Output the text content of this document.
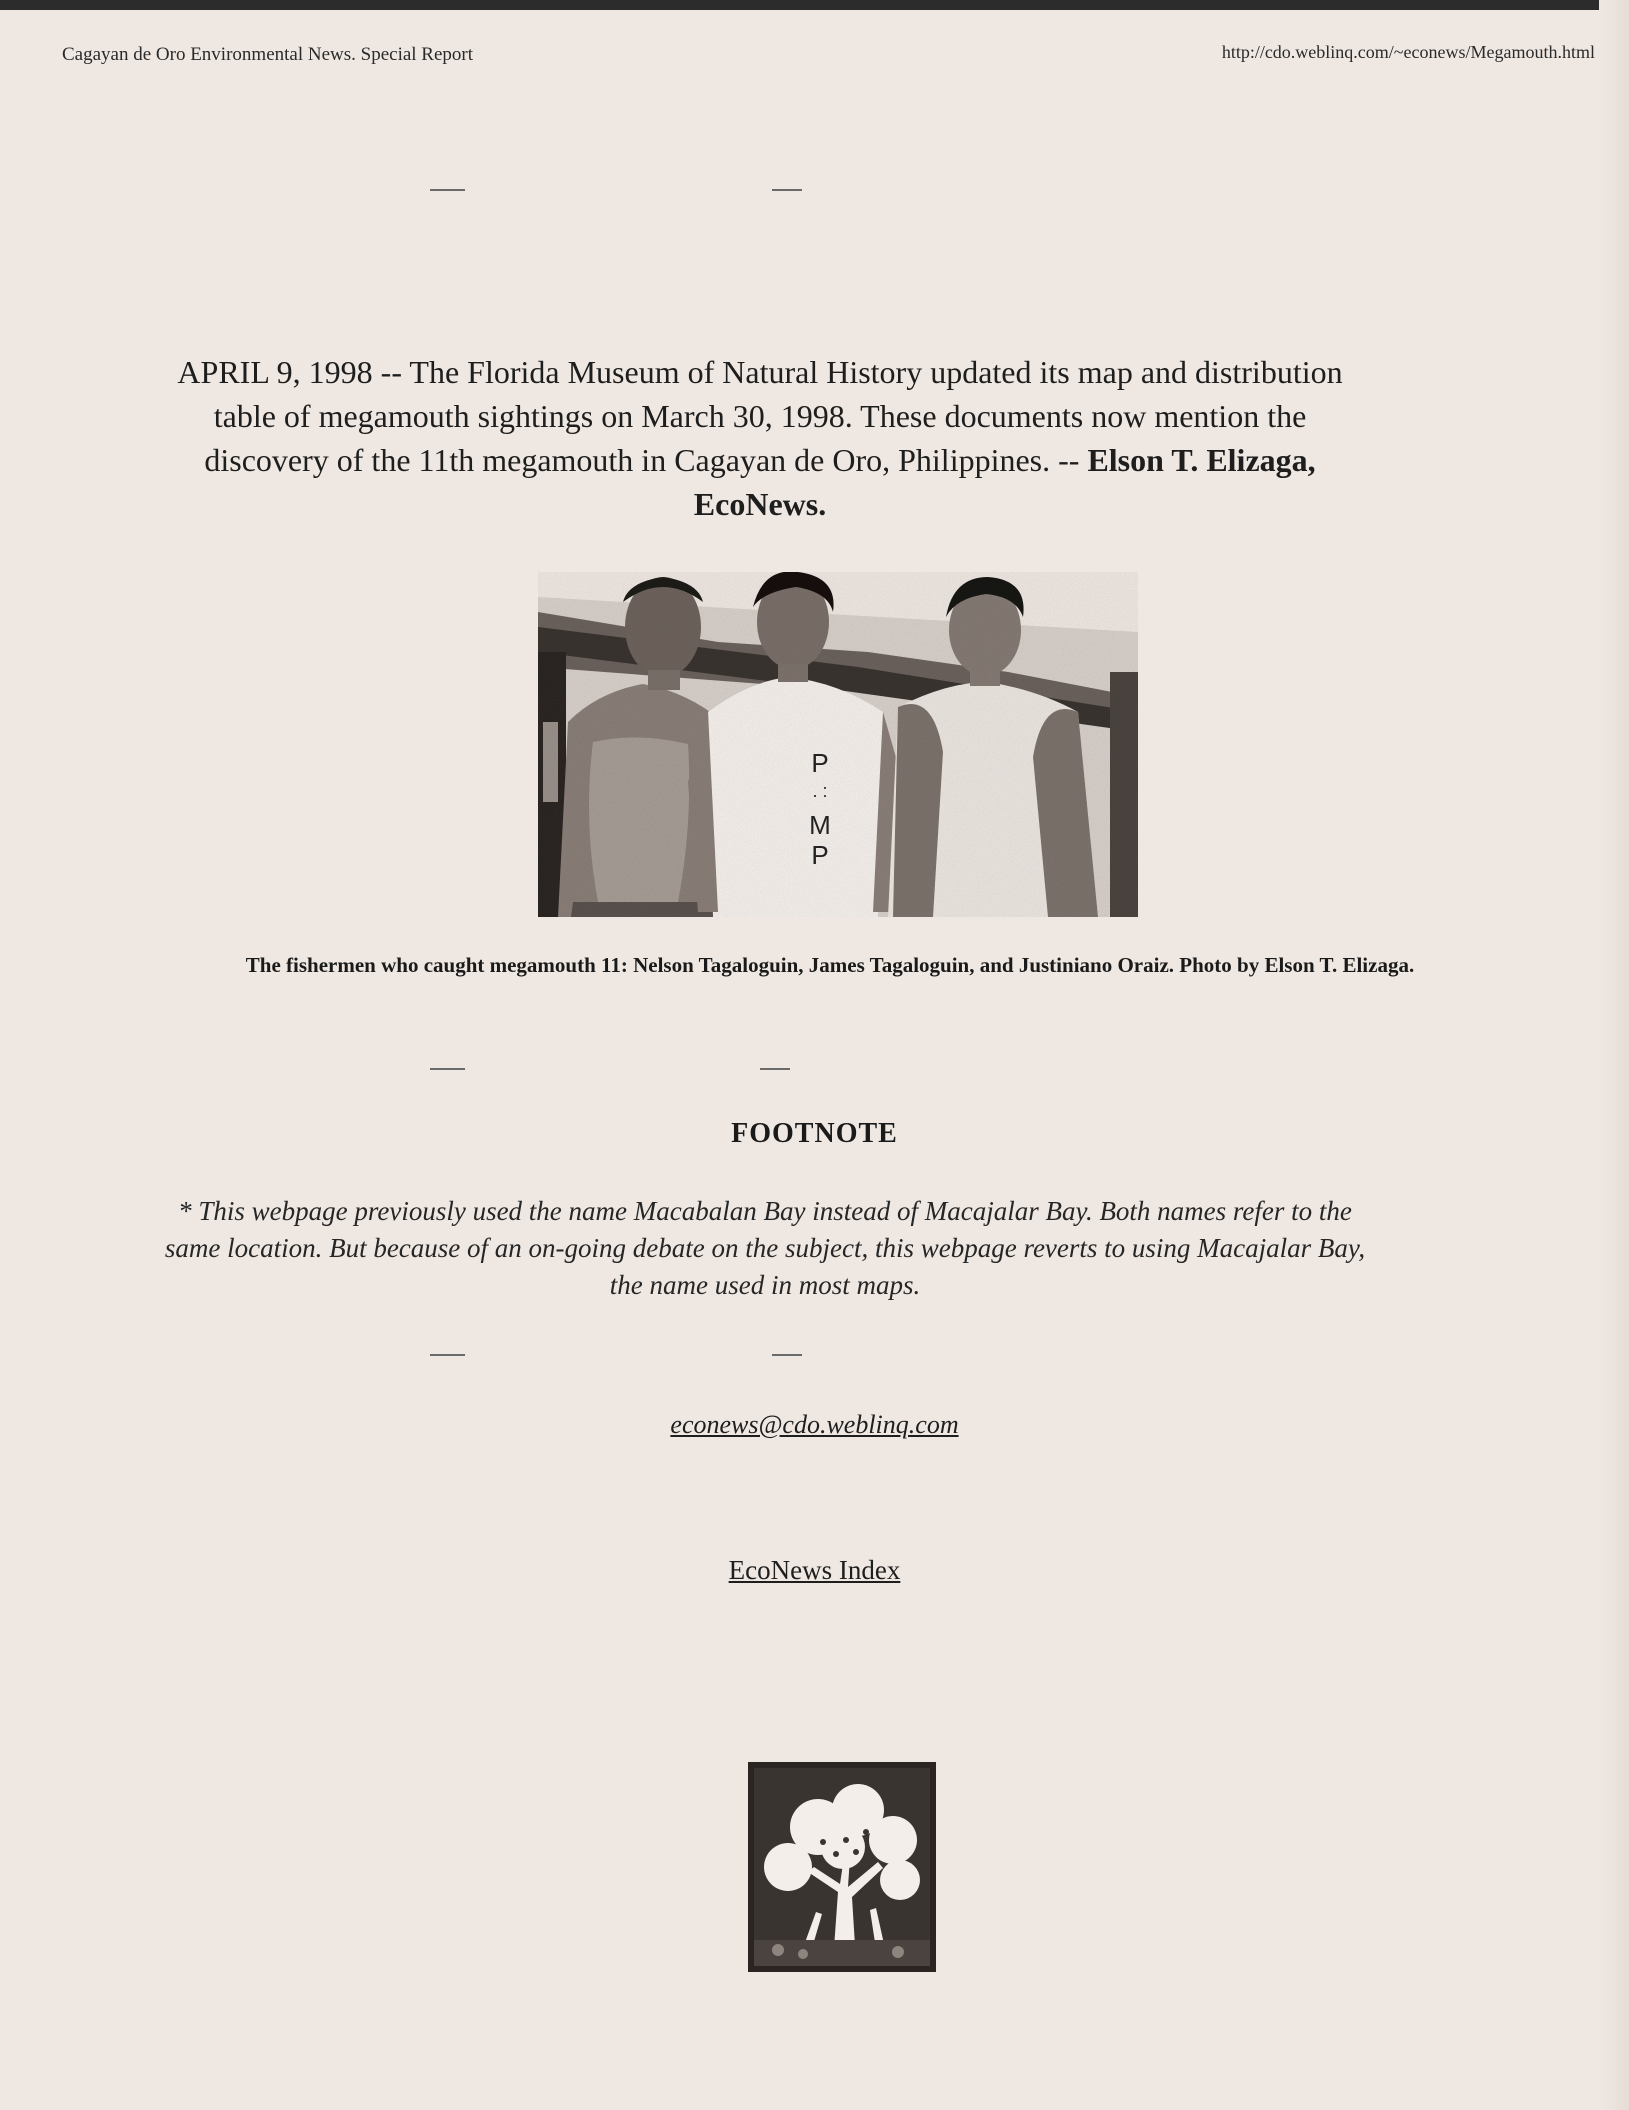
Cagayan de Oro Environmental News. Special Report	http://cdo.weblinq.com/~econews/Megamouth.html
APRIL 9, 1998 -- The Florida Museum of Natural History updated its map and distribution table of megamouth sightings on March 30, 1998. These documents now mention the discovery of the 11th megamouth in Cagayan de Oro, Philippines. -- Elson T. Elizaga, EcoNews.
P
. :
M
P
The fishermen who caught megamouth 11: Nelson Tagaloguin, James Tagaloguin, and Justiniano Oraiz. Photo by Elson T. Elizaga.
FOOTNOTE
* This webpage previously used the name Macabalan Bay instead of Macajalar Bay. Both names refer to the same location. But because of an on-going debate on the subject, this webpage reverts to using Macajalar Bay, the name used in most maps.
econews@cdo.weblinq.com
EcoNews Index
